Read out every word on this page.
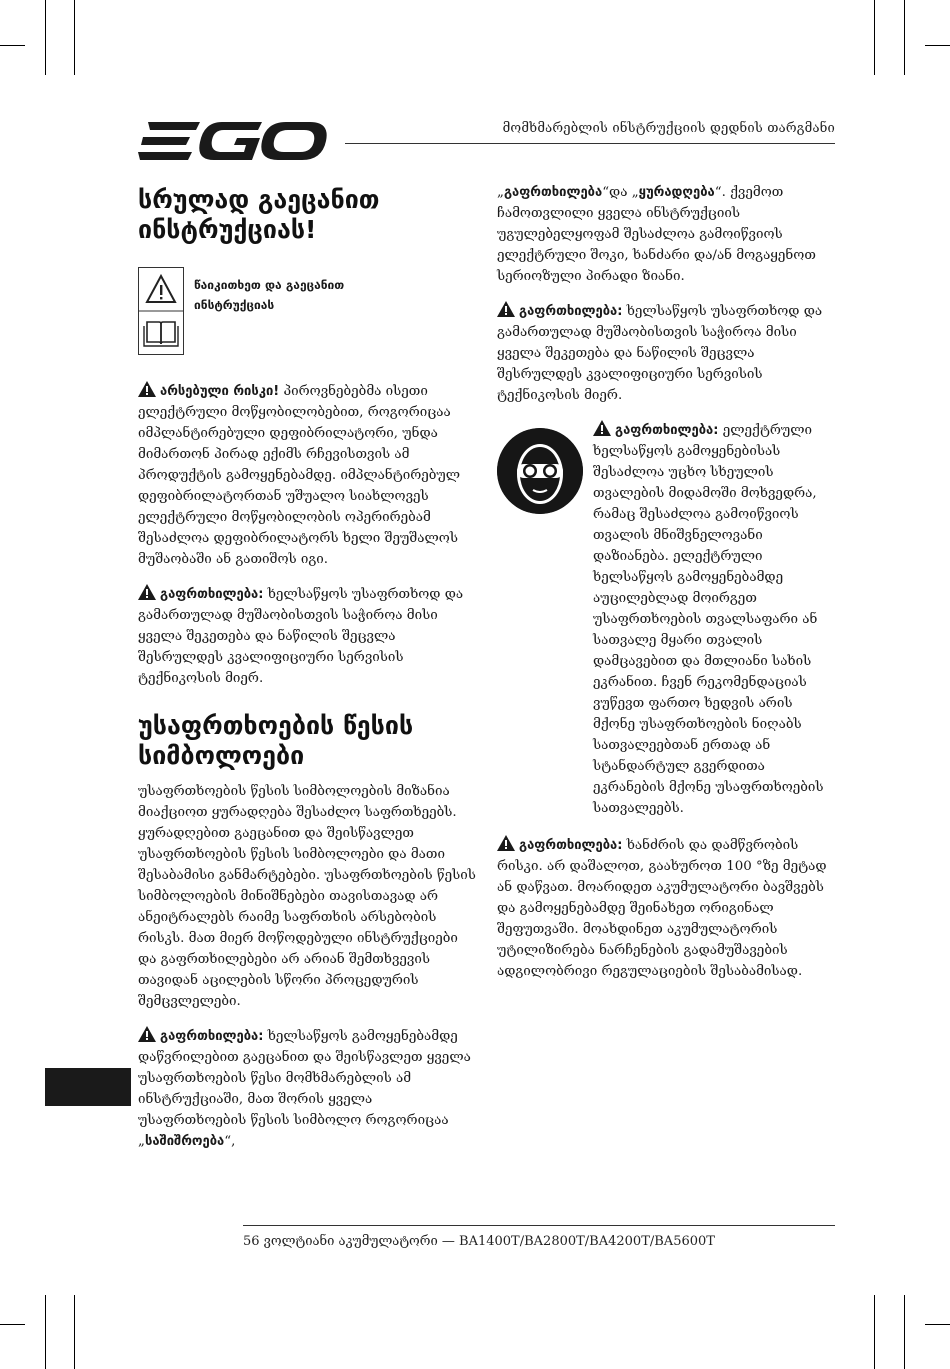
მომხმარებლის ინსტრუქციის დედნის თარგმანი
სრულად გაეცანით ინსტრუქციას!
წაიკითხეთ და გაეცანით ინსტრუქციას

არსებული რისკი! პიროვნებებმა ისეთი ელექტრული მოწყობილობებით, როგორიცაა იმპლანტირებული დეფიბრილატორი, უნდა მიმართონ პირად ექიმს რჩევისთვის ამ პროდუქტის გამოყენებამდე. იმპლანტირებულ დეფიბრილატორთან უშუალო სიახლოვეს ელექტრული მოწყობილობის ოპერირებამ შესაძლოა დეფიბრილატორს ხელი შეუშალოს მუშაობაში ან გათიშოს იგი.

გაფრთხილება: ხელსაწყოს უსაფრთხოდ და გამართულად მუშაობისთვის საჭიროა მისი ყველა შეკეთება და ნაწილის შეცვლა შესრულდეს კვალიფიციური სერვისის ტექნიკოსის მიერ.

უსაფრთხოების წესის სიმბოლოები

უსაფრთხოების წესის სიმბოლოების მიზანია მიაქციოთ ყურადღება შესაძლო საფრთხეებს. ყურადღებით გაეცანით და შეისწავლეთ უსაფრთხოების წესის სიმბოლოები და მათი შესაბამისი განმარტებები. უსაფრთხოების წესის სიმბოლოების მინიშნებები თავისთავად არ ანეიტრალებს რაიმე საფრთხის არსებობის რისკს. მათ მიერ მოწოდებული ინსტრუქციები და გაფრთხილებები არ არიან შემთხვევის თავიდან აცილების სწორი პროცედურის შემცვლელები.

გაფრთხილება: ხელსაწყოს გამოყენებამდე დაწვრილებით გაეცანით და შეისწავლეთ ყველა უსაფრთხოების წესი მომხმარებლის ამ ინსტრუქციაში, მათ შორის ყველა უსაფრთხოების წესის სიმბოლო როგორიცაა „საშიშროება“,

„გაფრთხილება“და „ყურადღება“. ქვემოთ ჩამოთვლილი ყველა ინსტრუქციის უგულებელყოფამ შესაძლოა გამოიწვიოს ელექტრული შოკი, ხანძარი და/ან მოგაყენოთ სერიოზული პირადი ზიანი.

გაფრთხილება: ხელსაწყოს უსაფრთხოდ და გამართულად მუშაობისთვის საჭიროა მისი ყველა შეკეთება და ნაწილის შეცვლა შესრულდეს კვალიფიციური სერვისის ტექნიკოსის მიერ.

გაფრთხილება: ელექტრული ხელსაწყოს გამოყენებისას შესაძლოა უცხო სხეულის თვალების მიდამოში მოხვედრა, რამაც შესაძლოა გამოიწვიოს თვალის მნიშვნელოვანი დაზიანება. ელექტრული ხელსაწყოს გამოყენებამდე აუცილებლად მოირგეთ უსაფრთხოების თვალსაფარი ან სათვალე მყარი თვალის დამცავებით და მთლიანი სახის ეკრანით. ჩვენ რეკომენდაციას ვუწევთ ფართო ხედვის არის მქონე უსაფრთხოების ნიღაბს სათვალეებთან ერთად ან სტანდარტულ გვერდითა ეკრანების მქონე უსაფრთხოების სათვალეებს.

გაფრთხილება: ხანძრის და დამწვრობის რისკი. არ დაშალოთ, გაახუროთ 100 °ზე მეტად ან დაწვათ. მოარიდეთ აკუმულატორი ბავშვებს და გამოყენებამდე შეინახეთ ორიგინალ შეფუთვაში. მოახდინეთ აკუმულატორის უტილიზირება ნარჩენების გადამუშავების ადგილობრივი რეგულაციების შესაბამისად.

56 ვოლტიანი აკუმულატორი — BA1400T/BA2800T/BA4200T/BA5600T
